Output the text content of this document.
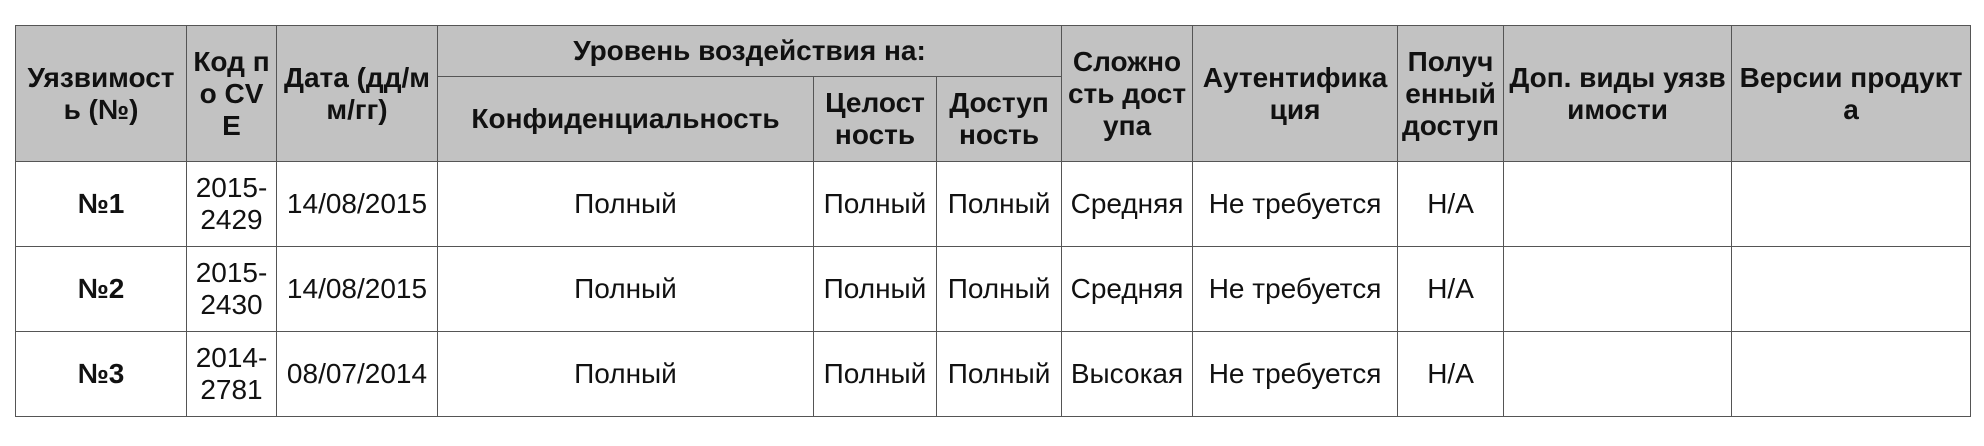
Уязвимость (№)	Код по CVE	Дата (дд/мм/гг)	Уровень воздействия на:			Сложность доступа	Аутентификация	Полученный доступ	Доп. виды уязвимости	Версии продукта
			Конфиденциальность	Целостность	Доступность					
№1	2015-2429	14/08/2015	Полный	Полный	Полный	Средняя	Не требуется	Н/А		
№2	2015-2430	14/08/2015	Полный	Полный	Полный	Средняя	Не требуется	Н/А		
№3	2014-2781	08/07/2014	Полный	Полный	Полный	Высокая	Не требуется	Н/А		
